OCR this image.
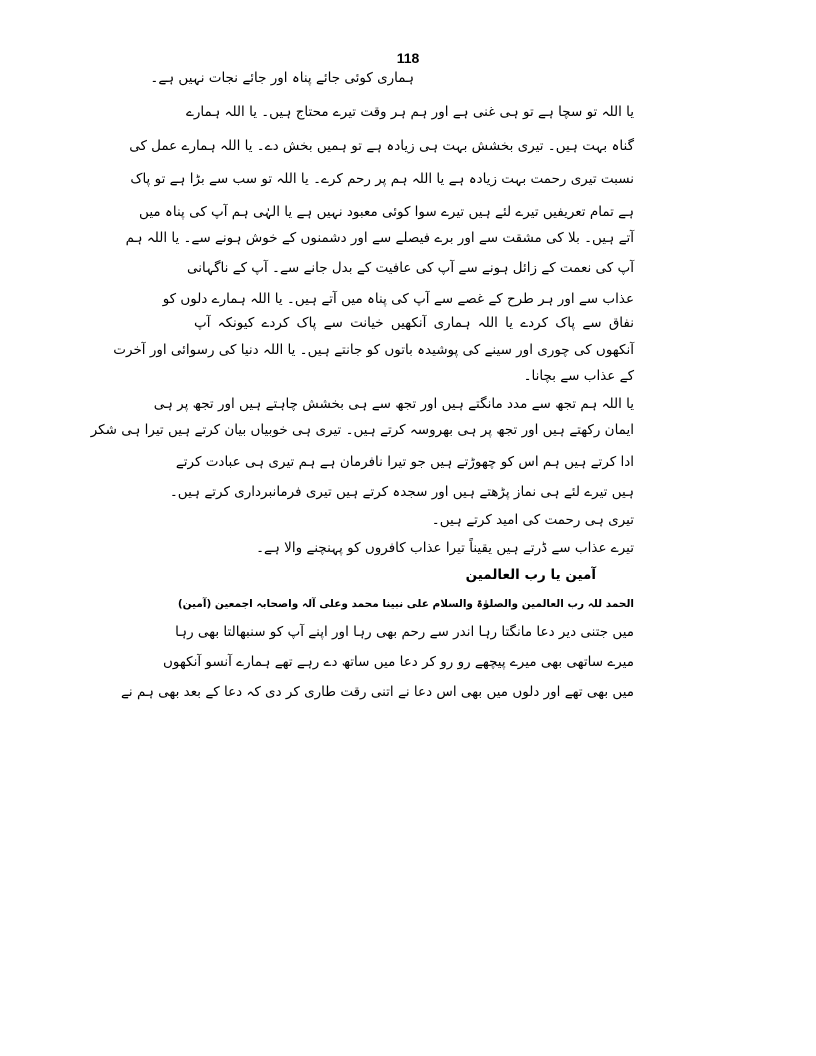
118
ہماری کوئی جائے پناہ اور جائے نجات نہیں ہے۔
یا اللہ تو سچا ہے تو ہی غنی ہے اور ہم ہر وقت تیرے محتاج ہیں۔ یا اللہ ہمارے
گناہ بہت ہیں۔ تیری بخشش بہت ہی زیادہ ہے تو ہمیں بخش دے۔ یا اللہ ہمارے عمل کی
نسبت تیری رحمت بہت زیادہ ہے یا اللہ ہم پر رحم کرے۔ یا اللہ تو سب سے بڑا ہے تو پاک
ہے تمام تعریفیں تیرے لئے ہیں تیرے سوا کوئی معبود نہیں ہے یا الہٰی ہم آپ کی پناہ میں
آتے ہیں۔ بلا کی مشقت سے اور برے فیصلے سے اور دشمنوں کے خوش ہونے سے۔ یا اللہ ہم
آپ کی نعمت کے زائل ہونے سے آپ کی عافیت کے بدل جانے سے۔ آپ کے ناگہانی
عذاب سے اور ہر طرح کے غصے سے آپ کی پناہ میں آتے ہیں۔ یا اللہ ہمارے دلوں کو
نفاق سے پاک کردے یا اللہ ہماری آنکھیں خیانت سے پاک کردے کیونکہ آپ
آنکھوں کی چوری اور سینے کی پوشیدہ باتوں کو جانتے ہیں۔ یا اللہ دنیا کی رسوائی اور آخرت
کے عذاب سے بچانا۔
یا اللہ ہم تجھ سے مدد مانگتے ہیں اور تجھ سے ہی بخشش چاہتے ہیں اور تجھ پر ہی
ایمان رکھتے ہیں اور تجھ پر ہی بھروسہ کرتے ہیں۔ تیری ہی خوبیاں بیان کرتے ہیں تیرا ہی شکر
ادا کرتے ہیں ہم اس کو چھوڑتے ہیں جو تیرا نافرمان ہے ہم تیری ہی عبادت کرتے
ہیں تیرے لئے ہی نماز پڑھتے ہیں اور سجدہ کرتے ہیں تیری فرمانبرداری کرتے ہیں۔
تیری ہی رحمت کی امید کرتے ہیں۔
تیرے عذاب سے ڈرتے ہیں یقیناً تیرا عذاب کافروں کو پہنچنے والا ہے۔
آمین یا رب العالمین
الحمد للہ رب العالمین والصلوٰۃ والسلام علی نبینا محمد وعلی آلہ واصحابہ اجمعین (آمین)
میں جتنی دیر دعا مانگتا رہا اندر سے رحم بھی رہا اور اپنے آپ کو سنبھالتا بھی رہا
میرے ساتھی بھی میرے پیچھے رو رو کر دعا میں ساتھ دے رہے تھے ہمارے آنسو آنکھوں
میں بھی تھے اور دلوں میں بھی اس دعا نے اتنی رقت طاری کر دی کہ دعا کے بعد بھی ہم نے
